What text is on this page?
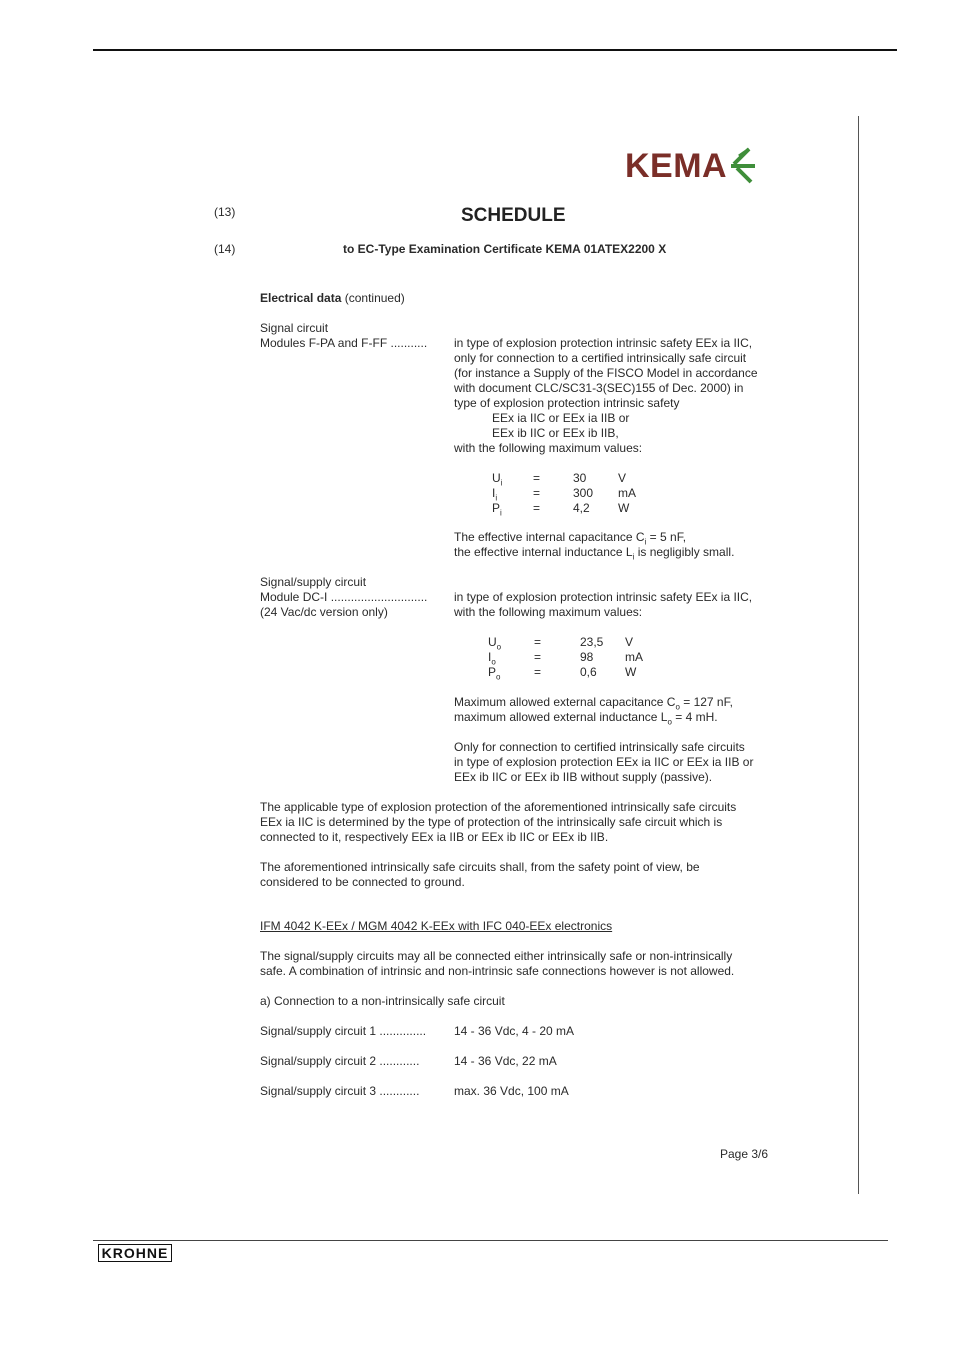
KEMA
(13)	SCHEDULE
(14)	to EC-Type Examination Certificate KEMA 01ATEX2200 X
Electrical data (continued)
Signal circuit
Modules F-PA and F-FF ........... in type of explosion protection intrinsic safety EEx ia IIC,
only for connection to a certified intrinsically safe circuit
(for instance a Supply of the FISCO Model in accordance
with document CLC/SC31-3(SEC)155 of Dec. 2000) in
type of explosion protection intrinsic safety
EEx ia IIC or EEx ia IIB or
EEx ib IIC or EEx ib IIB,
with the following maximum values:
$U_i$	=	30	V
$I_i$	=	300 mA
$P_i$	=	4,2 W
The effective internal capacitance $C_i = 5$ nF,
the effective internal inductance $L_i$ is negligibly small.
Signal/supply circuit
Module DC-I .............................
(24 Vac/dc version only)
in type of explosion protection intrinsic safety EEx ia IIC,
with the following maximum values:
$U_o$	=	23,5 V
$I_o$	=	98	mA
$P_o$	=	0,6 W
Maximum allowed external capacitance $C_o = 127$ nF,
maximum allowed external inductance $L_o = 4$ mH.
Only for connection to certified intrinsically safe circuits
in type of explosion protection EEx ia IIC or EEx ia IIB or
EEx ib IIC or EEx ib IIB without supply (passive).
The applicable type of explosion protection of the aforementioned intrinsically safe circuits
EEx ia IIC is determined by the type of protection of the intrinsically safe circuit which is
connected to it, respectively EEx ia IIB or EEx ib IIC or EEx ib IIB.
The aforementioned intrinsically safe circuits shall, from the safety point of view, be
considered to be connected to ground.
IFM 4042 K-EEx / MGM 4042 K-EEx with IFC 040-EEx electronics
The signal/supply circuits may all be connected either intrinsically safe or non-intrinsically
safe. A combination of intrinsic and non-intrinsic safe connections however is not allowed.
a) Connection to a non-intrinsically safe circuit
Signal/supply circuit 1 .............. 14 - 36 Vdc, 4 - 20 mA
Signal/supply circuit 2 ............	14 - 36 Vdc, 22 mA
Signal/supply circuit 3 ............	max. 36 Vdc, 100 mA
Page 3/6
KROHNE
